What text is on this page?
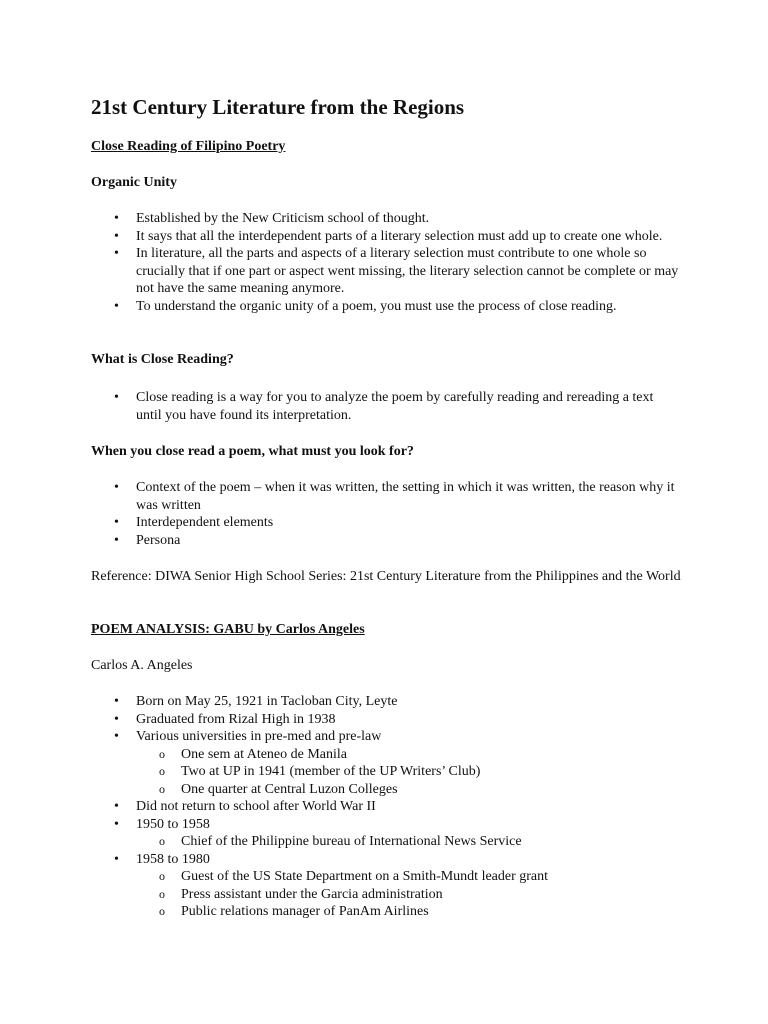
21st Century Literature from the Regions
Close Reading of Filipino Poetry
Organic Unity
• Established by the New Criticism school of thought.
• It says that all the interdependent parts of a literary selection must add up to create one whole.
• In literature, all the parts and aspects of a literary selection must contribute to one whole so crucially that if one part or aspect went missing, the literary selection cannot be complete or may not have the same meaning anymore.
• To understand the organic unity of a poem, you must use the process of close reading.
What is Close Reading?
• Close reading is a way for you to analyze the poem by carefully reading and rereading a text until you have found its interpretation.
When you close read a poem, what must you look for?
• Context of the poem – when it was written, the setting in which it was written, the reason why it was written
• Interdependent elements
• Persona

Reference: DIWA Senior High School Series: 21st Century Literature from the Philippines and the World

POEM ANALYSIS: GABU by Carlos Angeles

Carlos A. Angeles

• Born on May 25, 1921 in Tacloban City, Leyte
• Graduated from Rizal High in 1938
• Various universities in pre-med and pre-law
o One sem at Ateneo de Manila
o Two at UP in 1941 (member of the UP Writers’ Club)
o One quarter at Central Luzon Colleges
• Did not return to school after World War II
• 1950 to 1958
o Chief of the Philippine bureau of International News Service
• 1958 to 1980
o Guest of the US State Department on a Smith-Mundt leader grant
o Press assistant under the Garcia administration
o Public relations manager of PanAm Airlines
